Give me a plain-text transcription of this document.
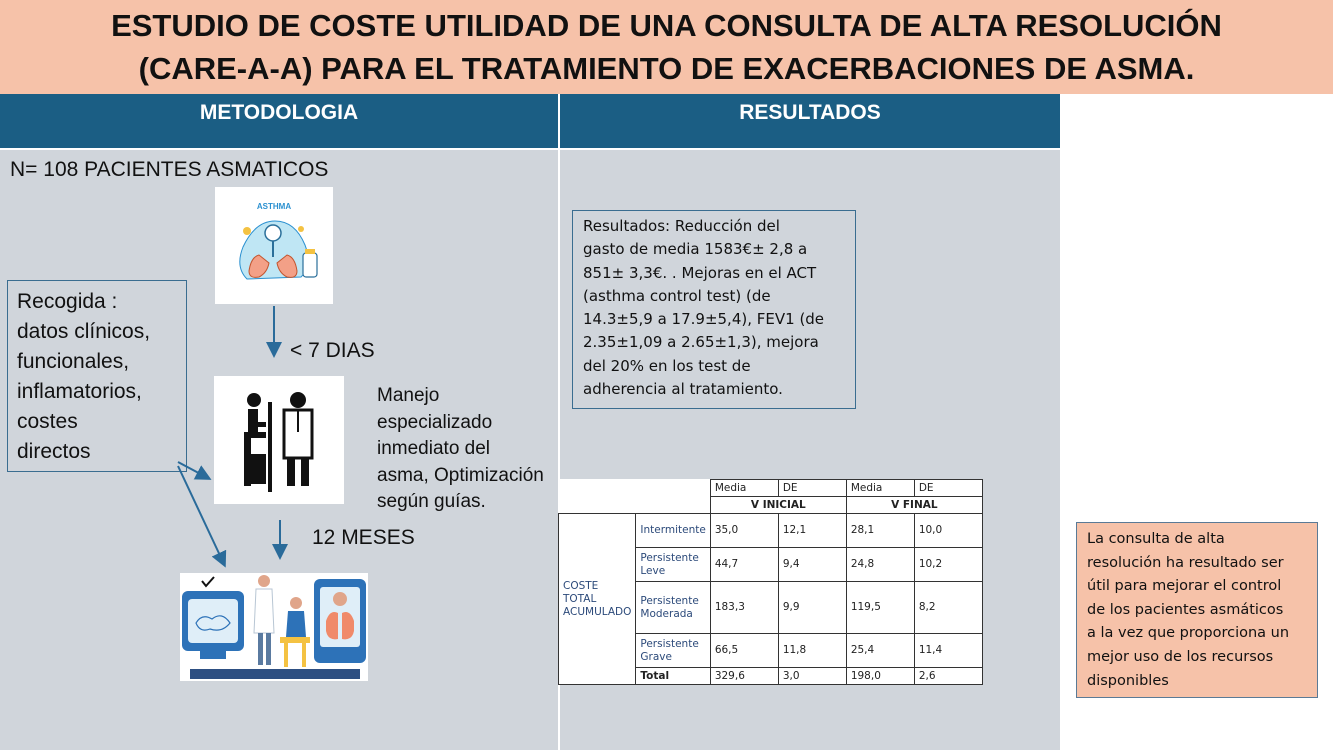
ESTUDIO DE COSTE UTILIDAD DE UNA CONSULTA DE ALTA RESOLUCIÓN
(CARE-A-A) PARA EL TRATAMIENTO DE EXACERBACIONES DE ASMA.
METODOLOGIA	RESULTADOS
N= 108 PACIENTES ASMATICOS
ASTHMA
Recogida :
datos clínicos,
funcionales,
inflamatorios,
costes
directos
< 7 DIAS
Manejo
especializado
inmediato del
asma, Optimización
según guías.
12 MESES
Resultados: Reducción del
gasto de media 1583€± 2,8 a
851± 3,3€. . Mejoras en el ACT
(asthma control test) (de
14.3±5,9 a 17.9±5,4), FEV1 (de
2.35±1,09 a 2.65±1,3), mejora
del 20% en los test de
adherencia al tratamiento.
		Media	DE	Media	DE
		V INICIAL		V FINAL	
COSTE TOTAL ACUMULADO	Intermitente	35,0	12,1	28,1	10,0
	Persistente Leve	44,7	9,4	24,8	10,2
	Persistente Moderada	183,3	9,9	119,5	8,2
	Persistente Grave	66,5	11,8	25,4	11,4
	Total	329,6	3,0	198,0	2,6
La consulta de alta
resolución ha resultado ser
útil para mejorar el control
de los pacientes asmáticos
a la vez que proporciona un
mejor uso de los recursos
disponibles
